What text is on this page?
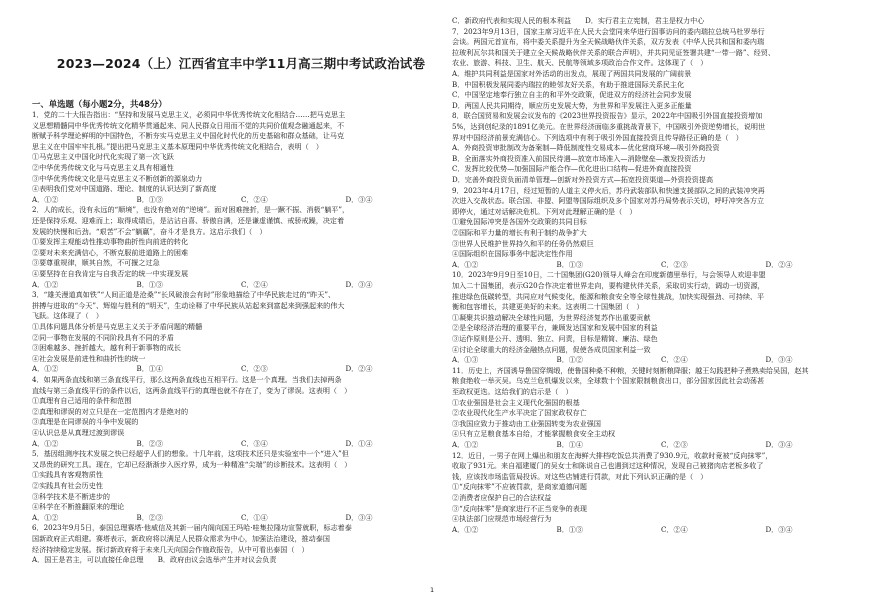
2023—2024（上）江西省宜丰中学11月高三期中考试政治试卷
一、单选题（每小题2分，共48分）

1．党的二十大报告指出：“坚持和发展马克思主义，必须同中华优秀传统文化相结合……把马克思主

义思想精髓同中华优秀传统文化精华贯通起来、同人民群众日用而不觉的共同价值观念融通起来，不

断赋予科学理论鲜明的中国特色，不断夯实马克思主义中国化时代化的历史基础和群众基础，让马克

思主义在中国牢牢扎根。”提出把马克思主义基本原理同中华优秀传统文化相结合，表明（　）

①马克思主义中国化时代化实现了第一次飞跃

②中华优秀传统文化与马克思主义具有相通性

③中华优秀传统文化是马克思主义不断创新的源泉动力

④表明我们党对中国道路、理论、制度的认识达到了新高度

A．①②	B．①③	C．②④	D．③④

2．人的成长，没有永远的“顺境”，也没有绝对的“逆境”。面对困难挫折，是一蹶不振、消极“躺平”，

还是保持乐观、迎难而上；取得成绩后，是沾沾自喜、骄傲自满，还是谦虚谨慎、戒骄戒躁，决定着

发展的快慢和后劲。“艰苦”不会“躺赢”，奋斗才是良方。这启示我们（　）

①要发挥主观能动性推动事物曲折性向前进的转化

②要对未来充满信心，不断克服前进道路上的困难

③要尊重规律，顺其自然，不可揠之过急

④要坚持在自我肯定与自我否定的统一中实现发展

A．①②	B．①③	C．②④	D．③④

3．“雄关漫道真如铁”“人间正道是沧桑”“长风破浪会有时”形象地描绘了中华民族走过的“昨天”、

拼搏与进取的“今天”、辉煌与胜利的“明天”，生动诠释了中华民族从站起来到富起来到强起来的伟大

飞跃。这体现了（　）

①具体问题具体分析是马克思主义关于矛盾问题的精髓

②同一事物在发展的不同阶段具有不同的矛盾

③困难越多、挫折越大，越有利于新事物的成长

④社会发展是前进性和曲折性的统一

A．①②	B．①④	C．②③	D．②④

4．如果两条直线和第三条直线平行，那么这两条直线也互相平行。这是一个真理。当我们去掉两条

直线与第三条直线平行的条件以后，这两条直线平行的真理也就不存在了，变为了谬误。这表明（　）

①真理有自己适用的条件和范围

②真理和谬误的对立只是在一定范围内才是绝对的

③真理是在同谬误的斗争中发展的

④认识总是从真理过渡到谬误

A．①②	B．②③	C．③④	D．①④

5．基因组测序技术发展之快已经超乎人们的想象。十几年前，这项技术还只是实验室中一个“进入”但

又昂贵的研究工具。现在，它却已经渐渐步入医疗界，成为一种精准“尖端”的诊断技术。这表明（　）

①实践具有客观物质性

②实践具有社会历史性

③科学技术是不断进步的

④科学在不断推翻原来的理论

A．①②	B．②③	C．①④	D．③④

6．2023年9月5日，泰国总理赛塔·他威信及其新一届内阁向国王玛哈·哇集拉隆功宣誓就职，标志着泰

国新政府正式组建。赛塔表示，新政府将以满足人民群众需求为中心，加强法治建设，推动泰国

经济持续稳定发展。探讨新政府将于未来几天向国会作施政报告，从中可看出泰国（　）

A．国王是君主，可以直接任命总理　　B．政府由议会选举产生并对议会负责

C．新政府代表和实现人民的根本利益　　D．实行君主立宪制，君主是权力中心

7．2023年9月13日，国家主席习近平在人民大会堂同来华进行国事访问的委内瑞拉总统马杜罗举行

会谈。两国元首宣布，将中委关系提升为全天候战略伙伴关系，双方发表《中华人民共和国和委内瑞

拉玻利瓦尔共和国关于建立全天候战略伙伴关系的联合声明》，并共同见证签署共建“一带一路”、经贸、

农业、旅游、科技、卫生、航天、民航等领域多项政治合作文件。这体现了（　）

A．维护共同利益是国家对外活动的出发点，展现了两国共同发展的广阔前景

B．中国积极发展同委内瑞拉的睦邻友好关系，有助于推进国际关系民主化

C．中国坚定地奉行独立自主的和平外交政策，促进双方的经济社会同步发展

D．两国人民共同期待，顺应历史发展大势，为世界和平发展注入更多正能量

8．联合国贸易和发展会议发布的《2023世界投资报告》显示，2022年中国吸引外国直接投资增加

5%，达到创纪录的1891亿美元。在世界经济面临多重挑战背景下，中国吸引外资逆势增长，说明世

界对中国经济前景充满信心。下列选项中有利于吸引外国直接投资且传导路径正确的是（　）

A．外商投资审批制改为备案制—降低制度性交易成本—优化营商环境—吸引外商投资

B．全面落实外商投资准入前国民待遇—放宽市场准入—消除壁垒—激发投资活力

C．发挥比较优势—加强国际产能合作—优化进出口结构—促进外商直接投资

D．完善外商投资负面清单管理—创新对外投资方式—拓宽投资渠道—外资投资提高

9．2023年4月17日，经过短暂的人道主义停火后，苏丹武装部队和快速支援部队之间的武装冲突再

次进入交战状态。联合国、非盟、阿盟等国际组织及多个国家对苏丹局势表示关切，呼吁冲突各方立

即停火，通过对话解决危机。下列对此理解正确的是（　）

①避免国际冲突是各国外交政策的共同目标

②国际和平力量的增长有利于制约战争扩大

③世界人民维护世界持久和平的任务仍然艰巨

④国际组织在国际事务中起决定性作用

A．①②	B．①③	C．②③	D．②④

10．2023年9月9日至10日，二十国集团(G20)领导人峰会在印度新德里举行，与会领导人欢迎非盟

加入二十国集团，表示G20合作决定着世界走向，要构建伙伴关系，采取切实行动，调动一切资源，

推进绿色低碳转型，共同应对气候变化，能源和粮食安全等全球性挑战，加快实现强劲、可持续、平

衡和包容增长，共建更美好的未来。这表明二十国集团（　）

①凝聚共识推动解决全球性问题，为世界经济复苏作出重要贡献

②是全球经济治理的重要平台，兼顾发达国家和发展中国家的利益

③运作原则是公开、透明、独立、问责，目标是精简、廉洁、绿色

④讨论全球重大的经济金融热点问题，促使各成员国家利益一致

A．①③	B．①②	C．②④	D．③④

11．历史上，齐国诱导鲁国穿绸缎，使鲁国种桑不种粮，关键时刻断粮降服；越王勾践把种子煮熟卖给吴国，赵其

粮食绝收一举灭吴。乌克兰危机爆发以来，全球数十个国家限制粮食出口，部分国家因此社会动荡甚

至政权更迭。这给我们的启示是（　）

①农业强国是社会主义现代化强国的根基

②农业现代化生产水平决定了国家政权存亡

③我国应致力于推动由工业强国转变为农业强国

④只有立足粮食基本自给，才能掌握粮食安全主动权

A．①②	B．①④	C．②③	D．③④

12．近日，一男子在网上爆出和朋友在海鲜大排档吃饭总共消费了930.9元，收款时竟被“反向抹零”，

收取了931元。来自福建厦门的吴女士和陈说自己也遇到过这种情况，发现自己被猪肉店老板多收了

钱，应该找市场监管局投诉。对这些店铺进行罚款，对此下列认识正确的是（　）

①“反向抹零”不应被罚款，是商家道德问题

②消费者应保护自己的合法权益

③“反向抹零”是商家进行不正当竞争的表现

④执法部门应规范市场经营行为

A．①②	B．①③	C．②④	D．③④
1
